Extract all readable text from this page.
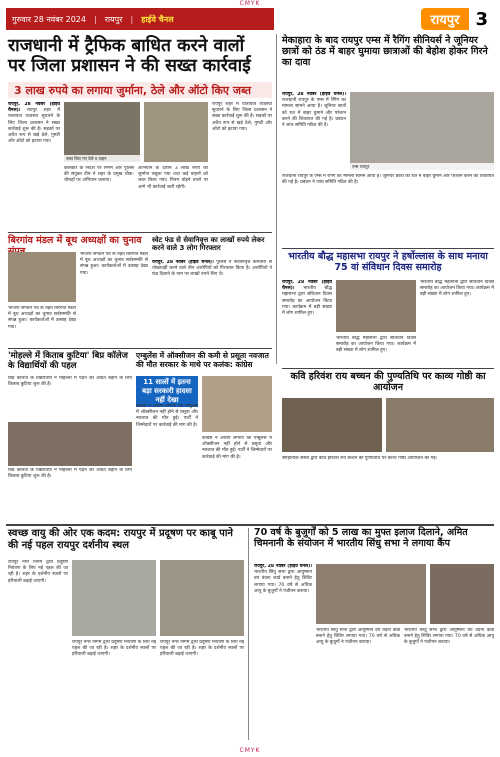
CMYK
गुरुवार 28 नवंबर 2024 | रायपुर | हाईवे चैनल	रायपुर 3
राजधानी में ट्रैफिक बाधित करने वालों
पर जिला प्रशासन ने की सख्त कार्रवाई
3 लाख रुपये का लगाया जुर्माना, ठेले और ऑटो किए जब्त
रायपुर, 28 नवंबर (हाईवे चैनल)। रायपुर शहर में यातायात व्यवस्था सुधारने के लिए जिला प्रशासन ने सख्त कार्रवाई शुरू की है। सड़कों पर अवैध रूप से खड़े ठेले, गुमटी और ऑटो को हटाया गया।
जब्त किए गए ठेले व वाहन
कलेक्टर के निर्देश पर निगम और पुलिस की संयुक्त टीम ने शहर के प्रमुख चौक-चौराहों पर अभियान चलाया।
अभियान के दौरान 3 लाख रुपये का जुर्माना वसूला गया तथा कई वाहनों को जब्त किया गया। नियम तोड़ने वालों पर आगे भी कार्रवाई जारी रहेगी।
रायपुर शहर में यातायात व्यवस्था सुधारने के लिए जिला प्रशासन ने सख्त कार्रवाई शुरू की है। सड़कों पर अवैध रूप से खड़े ठेले, गुमटी और ऑटो को हटाया गया।
मेकाहारा के बाद रायपुर एम्स में रैगिंग सीनियर्स ने जूनियर छात्रों को ठंड में बाहर घुमाया छात्राओं की बेहोश होकर गिरने का दावा
रायपुर, 28 नवंबर (हाईवे चैनल)। राजधानी रायपुर के एम्स में रैगिंग का मामला सामने आया है। जूनियर छात्रों को रात में बाहर घुमाने और परेशान करने की शिकायत की गई है। प्रबंधन ने जांच समिति गठित की है।
एम्स रायपुर
राजधानी रायपुर के एम्स में रैगिंग का मामला सामने आया है। जूनियर छात्रों को रात में बाहर घुमाने और परेशान करने की शिकायत की गई है। प्रबंधन ने जांच समिति गठित की है।
भारतीय बौद्ध महासभा रायपुर ने हर्षोल्लास के साथ मनाया 75 वां संविधान दिवस समारोह
रायपुर, 28 नवंबर (हाईवे चैनल)। भारतीय बौद्ध महासभा द्वारा संविधान दिवस समारोह का आयोजन किया गया। कार्यक्रम में बड़ी संख्या में लोग शामिल हुए।
भारतीय बौद्ध महासभा द्वारा संविधान दिवस समारोह का आयोजन किया गया। कार्यक्रम में बड़ी संख्या में लोग शामिल हुए।
भारतीय बौद्ध महासभा द्वारा संविधान दिवस समारोह का आयोजन किया गया। कार्यक्रम में बड़ी संख्या में लोग शामिल हुए।
बिरगांव मंडल में बूथ अध्यक्षों का चुनाव
भाजपा संगठन पर्व के तहत बिरगांव मंडल में बूथ अध्यक्षों का चुनाव सर्वसम्मति से संपन्न हुआ। कार्यकर्ताओं में उत्साह देखा गया।
भाजपा संगठन पर्व के तहत बिरगांव मंडल में बूथ अध्यक्षों का चुनाव सर्वसम्मति से संपन्न हुआ। कार्यकर्ताओं में उत्साह देखा गया।
स्वेट फंड से सेवानिवृत्त का लाखों रुपये लेकर करने वाले 3 लोग गिरफ्तार
रायपुर, 28 नवंबर (हाईवे चैनल)। पुलिस ने सेवानिवृत्त कर्मचारी से धोखाधड़ी करने वाले तीन आरोपियों को गिरफ्तार किया है। आरोपियों ने फंड दिलाने के नाम पर लाखों रुपये लिए थे।
'मोहल्ले में किताब कुटिया' बिप्र कॉलेज के विद्यार्थियों की पहल
बिप्र कॉलेज के विद्यार्थियों ने मोहल्लों में पढ़ने की आदत बढ़ाने के लिए किताब कुटिया शुरू की है।
बिप्र कॉलेज के विद्यार्थियों ने मोहल्लों में पढ़ने की आदत बढ़ाने के लिए किताब कुटिया शुरू की है।
एम्बुलेंस में ऑक्सीजन की कमी से प्रसूता नवजात की मौत सरकार के माथे पर कलंक: कांग्रेस
11 सालों में इतना बड़ा सरकारी हादसा नहीं देखा
कांग्रेस ने आरोप लगाया कि एम्बुलेंस में ऑक्सीजन नहीं होने से प्रसूता और नवजात की मौत हुई। पार्टी ने जिम्मेदारों पर कार्रवाई की मांग की है।
कांग्रेस ने आरोप लगाया कि एम्बुलेंस में ऑक्सीजन नहीं होने से प्रसूता और नवजात की मौत हुई। पार्टी ने जिम्मेदारों पर कार्रवाई की मांग की है।
कवि हरिवंश राय बच्चन की पुण्यतिथि पर काव्य गोष्ठी का आयोजन
साहित्यिक संस्था द्वारा कवि हरिवंश राय बच्चन की पुण्यतिथि पर काव्य गोष्ठी आयोजित की गई।
स्वच्छ वायु की ओर एक कदम: रायपुर में प्रदूषण पर काबू पाने की नई पहल रायपुर दर्शनीय स्थल
रायपुर नगर निगम द्वारा प्रदूषण नियंत्रण के लिए नई पहल की जा रही है। शहर के दर्शनीय स्थलों पर हरियाली बढ़ाई जाएगी।
रायपुर नगर निगम द्वारा प्रदूषण नियंत्रण के लिए नई पहल की जा रही है। शहर के दर्शनीय स्थलों पर हरियाली बढ़ाई जाएगी।
रायपुर नगर निगम द्वारा प्रदूषण नियंत्रण के लिए नई पहल की जा रही है। शहर के दर्शनीय स्थलों पर हरियाली बढ़ाई जाएगी।
70 वर्ष के बुजुर्गों को 5 लाख का मुफ्त इलाज दिलाने, अमित चिमनानी के संयोजन में भारतीय सिंधु सभा ने लगाया कैंप
रायपुर, 28 नवंबर (हाईवे चैनल)। भारतीय सिंधु सभा द्वारा आयुष्मान वय वंदना कार्ड बनाने हेतु शिविर लगाया गया। 70 वर्ष से अधिक आयु के बुजुर्गों ने पंजीयन कराया।
भारतीय सिंधु सभा द्वारा आयुष्मान वय वंदना कार्ड बनाने हेतु शिविर लगाया गया। 70 वर्ष से अधिक आयु के बुजुर्गों ने पंजीयन कराया।
भारतीय सिंधु सभा द्वारा आयुष्मान वय वंदना कार्ड बनाने हेतु शिविर लगाया गया। 70 वर्ष से अधिक आयु के बुजुर्गों ने पंजीयन कराया।
CMYK
